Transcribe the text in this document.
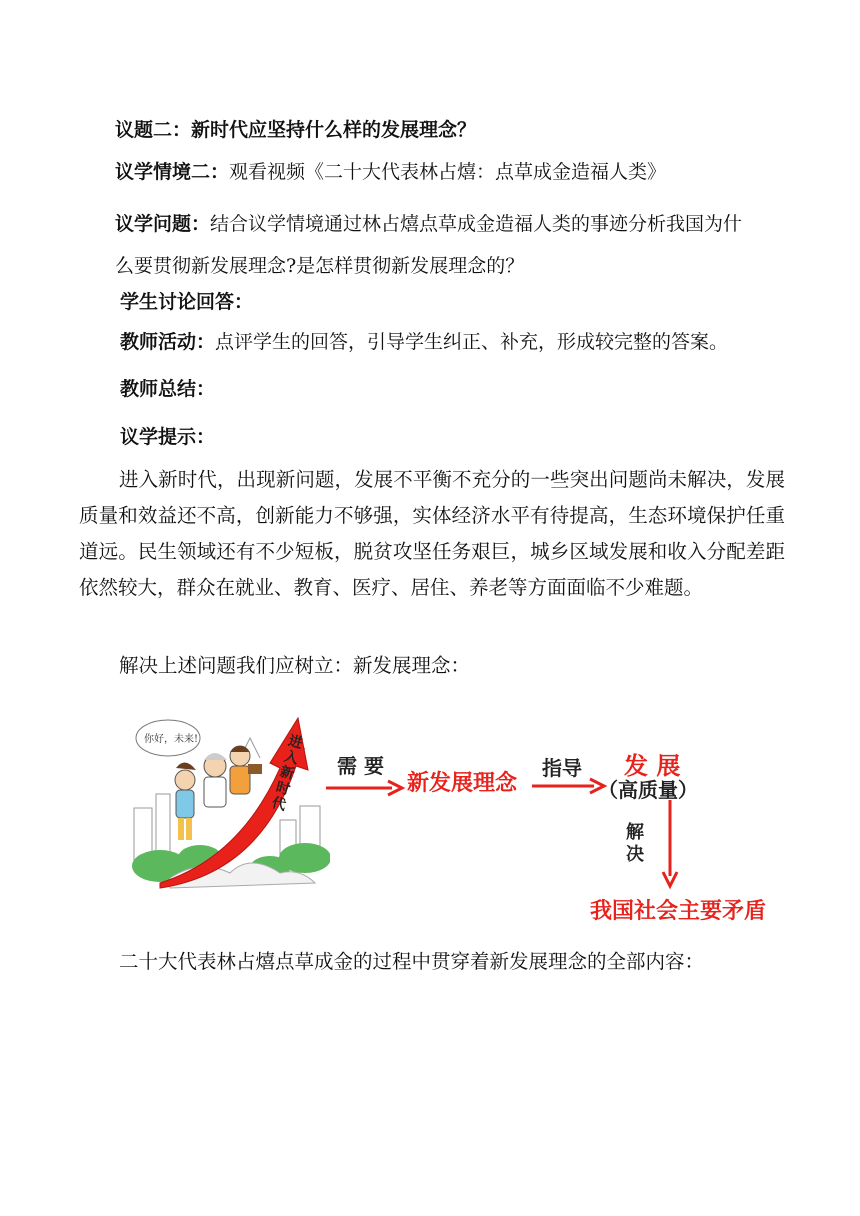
议题二：新时代应坚持什么样的发展理念？
议学情境二：观看视频《二十大代表林占熺：点草成金造福人类》
议学问题：结合议学情境通过林占熺点草成金造福人类的事迹分析我国为什
么要贯彻新发展理念?是怎样贯彻新发展理念的？
学生讨论回答：
教师活动：点评学生的回答，引导学生纠正、补充，形成较完整的答案。
教师总结：
议学提示：
进入新时代，出现新问题，发展不平衡不充分的一些突出问题尚未解决，发展质量和效益还不高，创新能力不够强，实体经济水平有待提高，生态环境保护任重道远。民生领域还有不少短板，脱贫攻坚任务艰巨，城乡区域发展和收入分配差距依然较大，群众在就业、教育、医疗、居住、养老等方面面临不少难题。
解决上述问题我们应树立：新发展理念：
你好，未来!	进入新时代
需 要
新发展理念
指导 发 展
（高质量）
解决
我国社会主要矛盾
二十大代表林占熺点草成金的过程中贯穿着新发展理念的全部内容：
